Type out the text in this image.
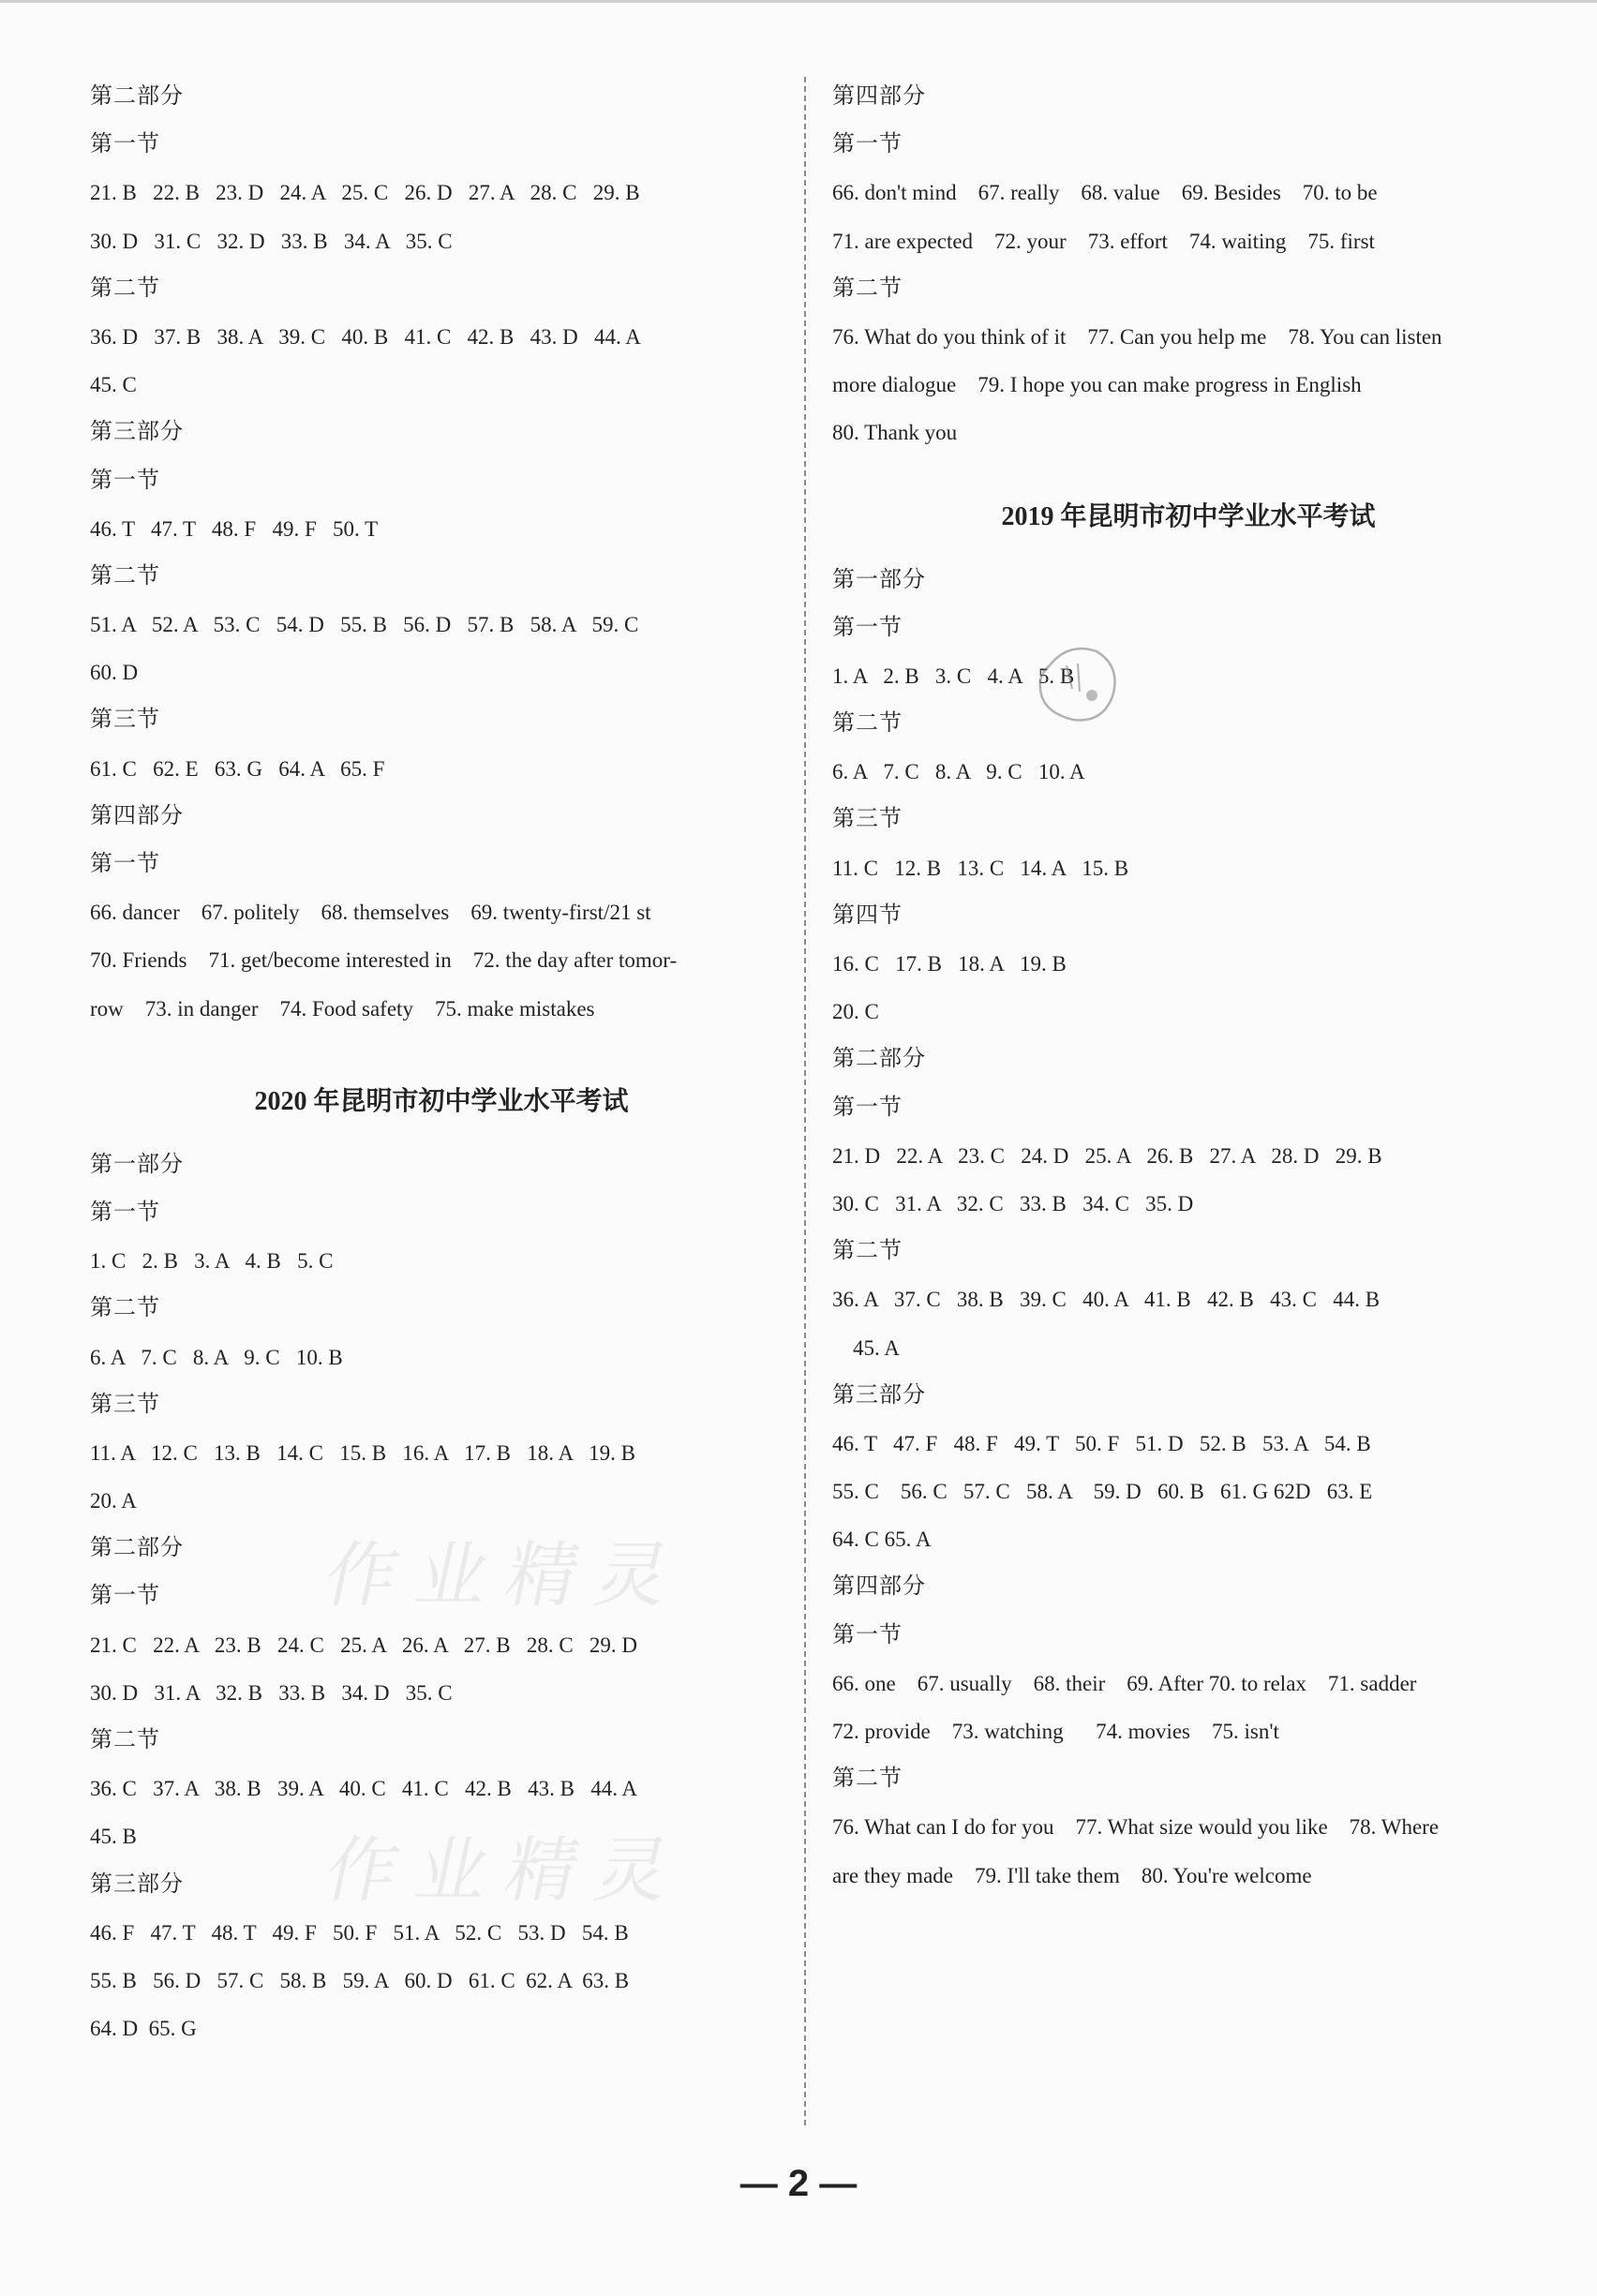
第二部分
第一节
21. B   22. B   23. D   24. A   25. C   26. D   27. A   28. C   29. B
30. D   31. C   32. D   33. B   34. A   35. C
第二节
36. D   37. B   38. A   39. C   40. B   41. C   42. B   43. D   44. A
45. C
第三部分
第一节
46. T   47. T   48. F   49. F   50. T
第二节
51. A   52. A   53. C   54. D   55. B   56. D   57. B   58. A   59. C
60. D
第三节
61. C   62. E   63. G   64. A   65. F
第四部分
第一节
66. dancer    67. politely    68. themselves    69. twenty-first/21 st
70. Friends    71. get/become interested in    72. the day after tomor-
row    73. in danger    74. Food safety    75. make mistakes
2020 年昆明市初中学业水平考试
第一部分
第一节
1. C   2. B   3. A   4. B   5. C
第二节
6. A   7. C   8. A   9. C   10. B
第三节
11. A   12. C   13. B   14. C   15. B   16. A   17. B   18. A   19. B
20. A
第二部分
第一节
21. C   22. A   23. B   24. C   25. A   26. A   27. B   28. C   29. D
30. D   31. A   32. B   33. B   34. D   35. C
第二节
36. C   37. A   38. B   39. A   40. C   41. C   42. B   43. B   44. A
45. B
第三部分
46. F   47. T   48. T   49. F   50. F   51. A   52. C   53. D   54. B
55. B   56. D   57. C   58. B   59. A   60. D   61. C  62. A  63. B
64. D  65. G
第四部分
第一节
66. don't mind    67. really    68. value    69. Besides    70. to be
71. are expected    72. your    73. effort    74. waiting    75. first
第二节
76. What do you think of it    77. Can you help me    78. You can listen
more dialogue    79. I hope you can make progress in English
80. Thank you
2019 年昆明市初中学业水平考试
第一部分
第一节
1. A   2. B   3. C   4. A   5. B
第二节
6. A   7. C   8. A   9. C   10. A
第三节
11. C   12. B   13. C   14. A   15. B
第四节
16. C   17. B   18. A   19. B
20. C
第二部分
第一节
21. D   22. A   23. C   24. D   25. A   26. B   27. A   28. D   29. B
30. C   31. A   32. C   33. B   34. C   35. D
第二节
36. A   37. C   38. B   39. C   40. A   41. B   42. B   43. C   44. B
45. A
第三部分
46. T   47. F   48. F   49. T   50. F   51. D   52. B   53. A   54. B
55. C    56. C   57. C   58. A    59. D   60. B   61. G 62D   63. E
64. C 65. A
第四部分
第一节
66. one    67. usually    68. their    69. After 70. to relax    71. sadder
72. provide    73. watching      74. movies    75. isn't
第二节
76. What can I do for you    77. What size would you like    78. Where
are they made    79. I'll take them    80. You're welcome
作业精灵
作业精灵
— 2 —
